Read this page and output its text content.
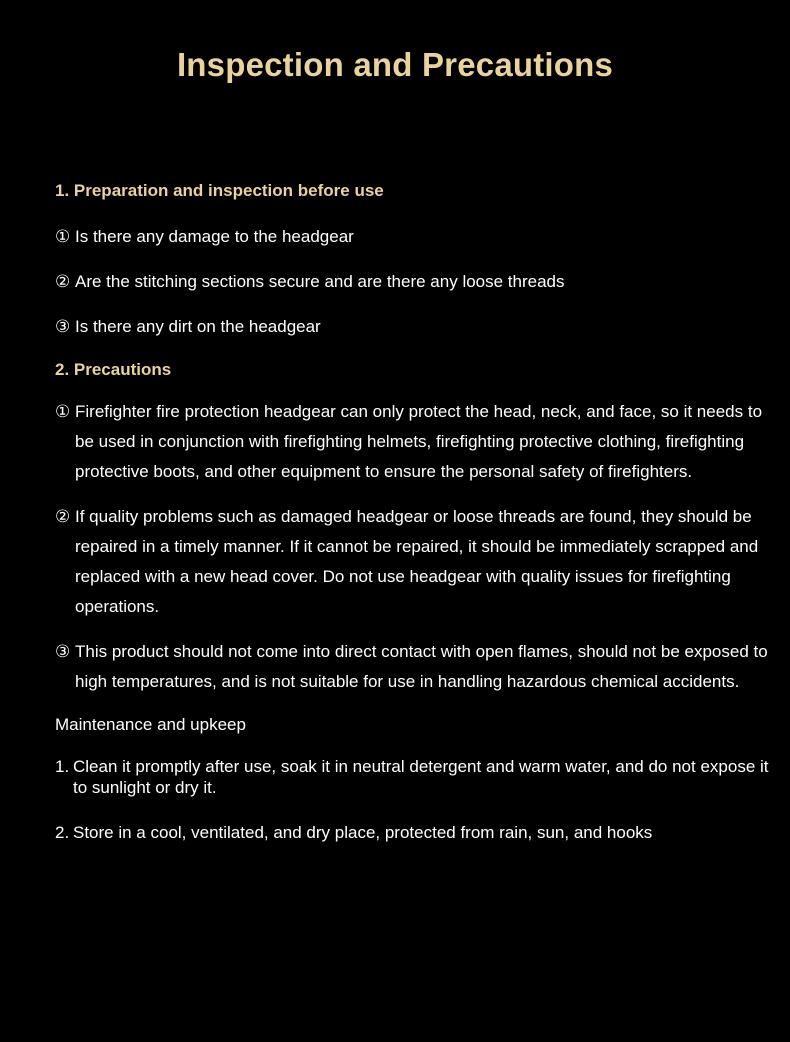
Inspection and Precautions

1. Preparation and inspection before use

① Is there any damage to the headgear
② Are the stitching sections secure and are there any loose threads
③ Is there any dirt on the headgear

2. Precautions

① Firefighter fire protection headgear can only protect the head, neck, and face, so it needs to be used in conjunction with firefighting helmets, firefighting protective clothing, firefighting protective boots, and other equipment to ensure the personal safety of firefighters.
② If quality problems such as damaged headgear or loose threads are found, they should be repaired in a timely manner. If it cannot be repaired, it should be immediately scrapped and replaced with a new head cover. Do not use headgear with quality issues for firefighting operations.
③ This product should not come into direct contact with open flames, should not be exposed to high temperatures, and is not suitable for use in handling hazardous chemical accidents.

Maintenance and upkeep

1. Clean it promptly after use, soak it in neutral detergent and warm water, and do not expose it to sunlight or dry it.
2. Store in a cool, ventilated, and dry place, protected from rain, sun, and hooks
